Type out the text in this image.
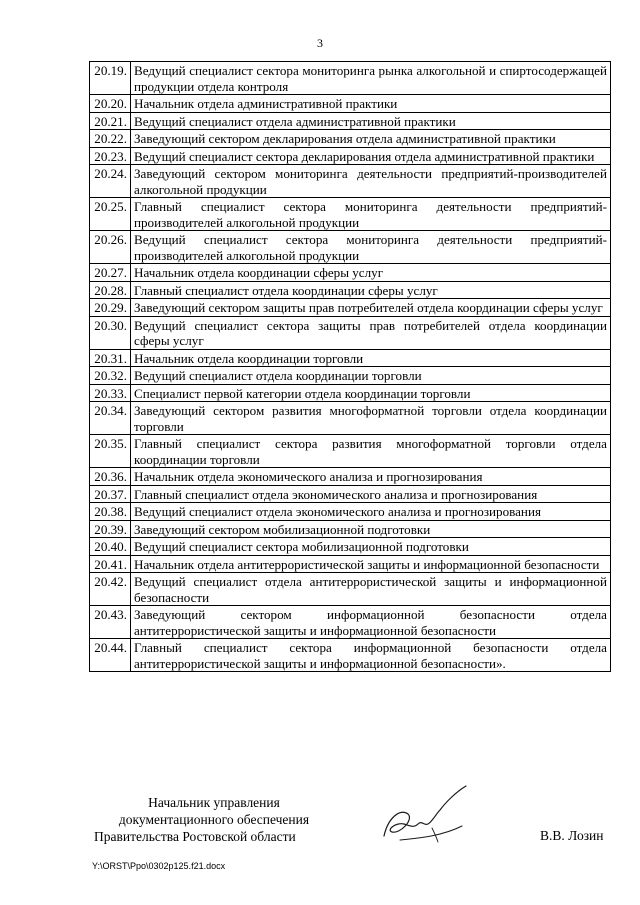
3
20.19.	Ведущий специалист сектора мониторинга рынка алкогольной и спиртосодержащей продукции отдела контроля
20.20.	Начальник отдела административной практики
20.21.	Ведущий специалист отдела административной практики
20.22.	Заведующий сектором декларирования отдела административной практики
20.23.	Ведущий специалист сектора декларирования отдела административной практики
20.24.	Заведующий сектором мониторинга деятельности предприятий-производителей алкогольной продукции
20.25.	Главный специалист сектора мониторинга деятельности предприятий-производителей алкогольной продукции
20.26.	Ведущий специалист сектора мониторинга деятельности предприятий-производителей алкогольной продукции
20.27.	Начальник отдела координации сферы услуг
20.28.	Главный специалист отдела координации сферы услуг
20.29.	Заведующий сектором защиты прав потребителей отдела координации сферы услуг
20.30.	Ведущий специалист сектора защиты прав потребителей отдела координации сферы услуг
20.31.	Начальник отдела координации торговли
20.32.	Ведущий специалист отдела координации торговли
20.33.	Специалист первой категории отдела координации торговли
20.34.	Заведующий сектором развития многоформатной торговли отдела координации торговли
20.35.	Главный специалист сектора развития многоформатной торговли отдела координации торговли
20.36.	Начальник отдела экономического анализа и прогнозирования
20.37.	Главный специалист отдела экономического анализа и прогнозирования
20.38.	Ведущий специалист отдела экономического анализа и прогнозирования
20.39.	Заведующий сектором мобилизационной подготовки
20.40.	Ведущий специалист сектора мобилизационной подготовки
20.41.	Начальник отдела антитеррористической защиты и информационной безопасности
20.42.	Ведущий специалист отдела антитеррористической защиты и информационной безопасности
20.43.	Заведующий сектором информационной безопасности отдела антитеррористической защиты и информационной безопасности
20.44.	Главный специалист сектора информационной безопасности отдела антитеррористической защиты и информационной безопасности».
Начальник управления
документационного обеспечения
Правительства Ростовской области	В.В. Лозин
Y:\ORST\Ppo\0302p125.f21.docx
